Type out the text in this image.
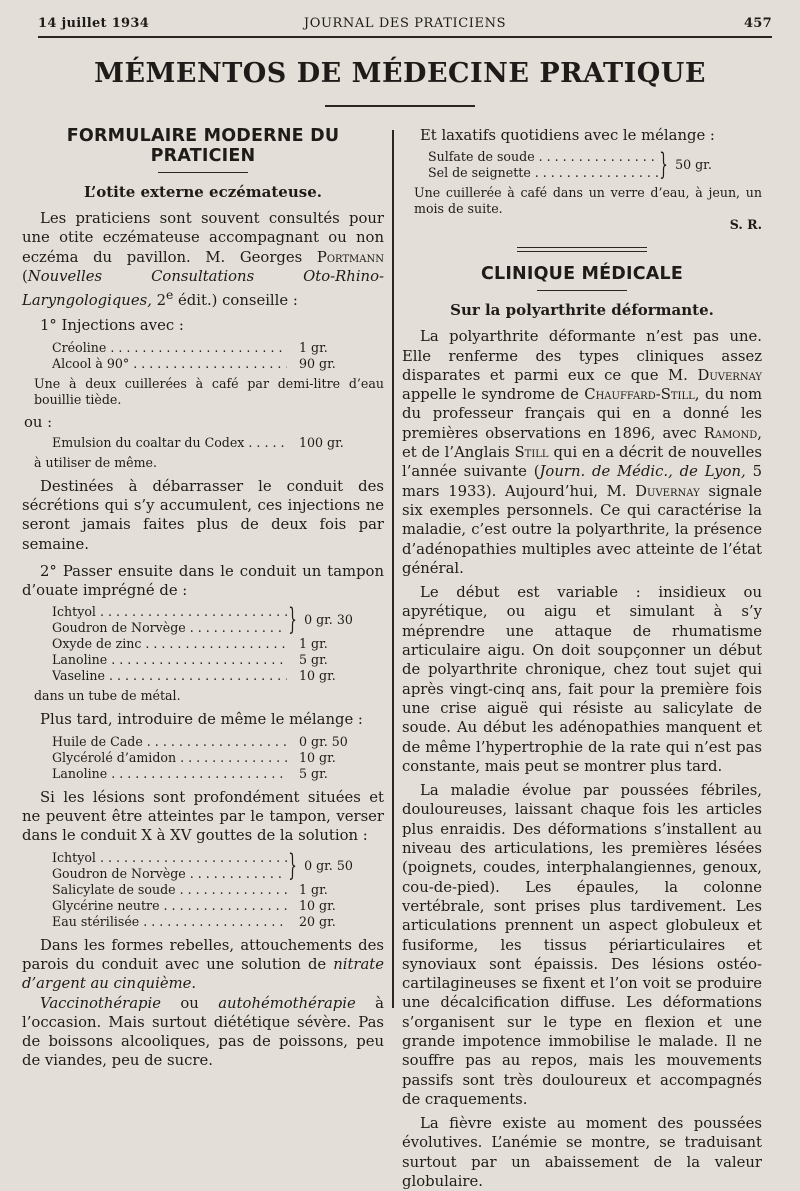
14 juillet 1934	JOURNAL DES PRATICIENS	457
MÉMENTOS DE MÉDECINE PRATIQUE
FORMULAIRE MODERNE DU PRATICIEN
L’otite externe eczémateuse.

Les praticiens sont souvent consultés pour une otite eczémateuse accompagnant ou non eczéma du pavillon. M. Georges Portmann (Nouvelles Consultations Oto-Rhino-Laryngologiques, 2e édit.) conseille :

1° Injections avec :

Créoline . . .	1 gr.
Alcool à 90° . . .	90 gr.

Une à deux cuillerées à café par demi-litre d’eau bouillie tiède.

ou :

Emulsion du coaltar du Codex . . .	100 gr.

à utiliser de même.

Destinées à débarrasser le conduit des sécrétions qui s’y accumulent, ces injections ne seront jamais faites plus de deux fois par semaine.

2° Passer ensuite dans le conduit un tampon d’ouate imprégné de :

Ichtyol . . .
Goudron de Norvège . . .	} 0 gr. 30
Oxyde de zinc . . .	1 gr.
Lanoline . . .	5 gr.
Vaseline . . .	10 gr.

dans un tube de métal.

Plus tard, introduire de même le mélange :

Huile de Cade . . .	0 gr. 50
Glycérolé d’amidon . . .	10 gr.
Lanoline . . .	5 gr.

Si les lésions sont profondément situées et ne peuvent être atteintes par le tampon, verser dans le conduit X à XV gouttes de la solution :

Ichtyol . . .
Goudron de Norvège . . .	} 0 gr. 50
Salicylate de soude . . .	1 gr.
Glycérine neutre . . .	10 gr.
Eau stérilisée . . .	20 gr.

Dans les formes rebelles, attouchements des parois du conduit avec une solution de nitrate d’argent au cinquième.

Vaccinothérapie ou autohémothérapie à l’occasion. Mais surtout diététique sévère. Pas de boissons alcooliques, pas de poissons, peu de viandes, peu de sucre.

Et laxatifs quotidiens avec le mélange :

Sulfate de soude . . .
Sel de seignette . . .	} 50 gr.

Une cuillerée à café dans un verre d’eau, à jeun, un mois de suite.

S. R.
CLINIQUE MÉDICALE
Sur la polyarthrite déformante.

La polyarthrite déformante n’est pas une. Elle renferme des types cliniques assez disparates et parmi eux ce que M. Duvernay appelle le syndrome de Chauffard-Still, du nom du professeur français qui en a donné les premières observations en 1896, avec Ramond, et de l’Anglais Still qui en a décrit de nouvelles l’année suivante (Journ. de Médic., de Lyon, 5 mars 1933). Aujourd’hui, M. Duvernay signale six exemples personnels. Ce qui caractérise la maladie, c’est outre la polyarthrite, la présence d’adénopathies multiples avec atteinte de l’état général.

Le début est variable : insidieux ou apyrétique, ou aigu et simulant à s’y méprendre une attaque de rhumatisme articulaire aigu. On doit soupçonner un début de polyarthrite chronique, chez tout sujet qui après vingt-cinq ans, fait pour la première fois une crise aiguë qui résiste au salicylate de soude. Au début les adénopathies manquent et de même l’hypertrophie de la rate qui n’est pas constante, mais peut se montrer plus tard.

La maladie évolue par poussées fébriles, douloureuses, laissant chaque fois les articles plus enraidis. Des déformations s’installent au niveau des articulations, les premières lésées (poignets, coudes, interphalangiennes, genoux, cou-de-pied). Les épaules, la colonne vertébrale, sont prises plus tardivement. Les articulations prennent un aspect globuleux et fusiforme, les tissus périarticulaires et synoviaux sont épaissis. Des lésions ostéo-cartilagineuses se fixent et l’on voit se produire une décalcification diffuse. Les déformations s’organisent sur le type en flexion et une grande impotence immobilise le malade. Il ne souffre pas au repos, mais les mouvements passifs sont très douloureux et accompagnés de craquements.

La fièvre existe au moment des poussées évolutives. L’anémie se montre, se traduisant surtout par un abaissement de la valeur globulaire.
